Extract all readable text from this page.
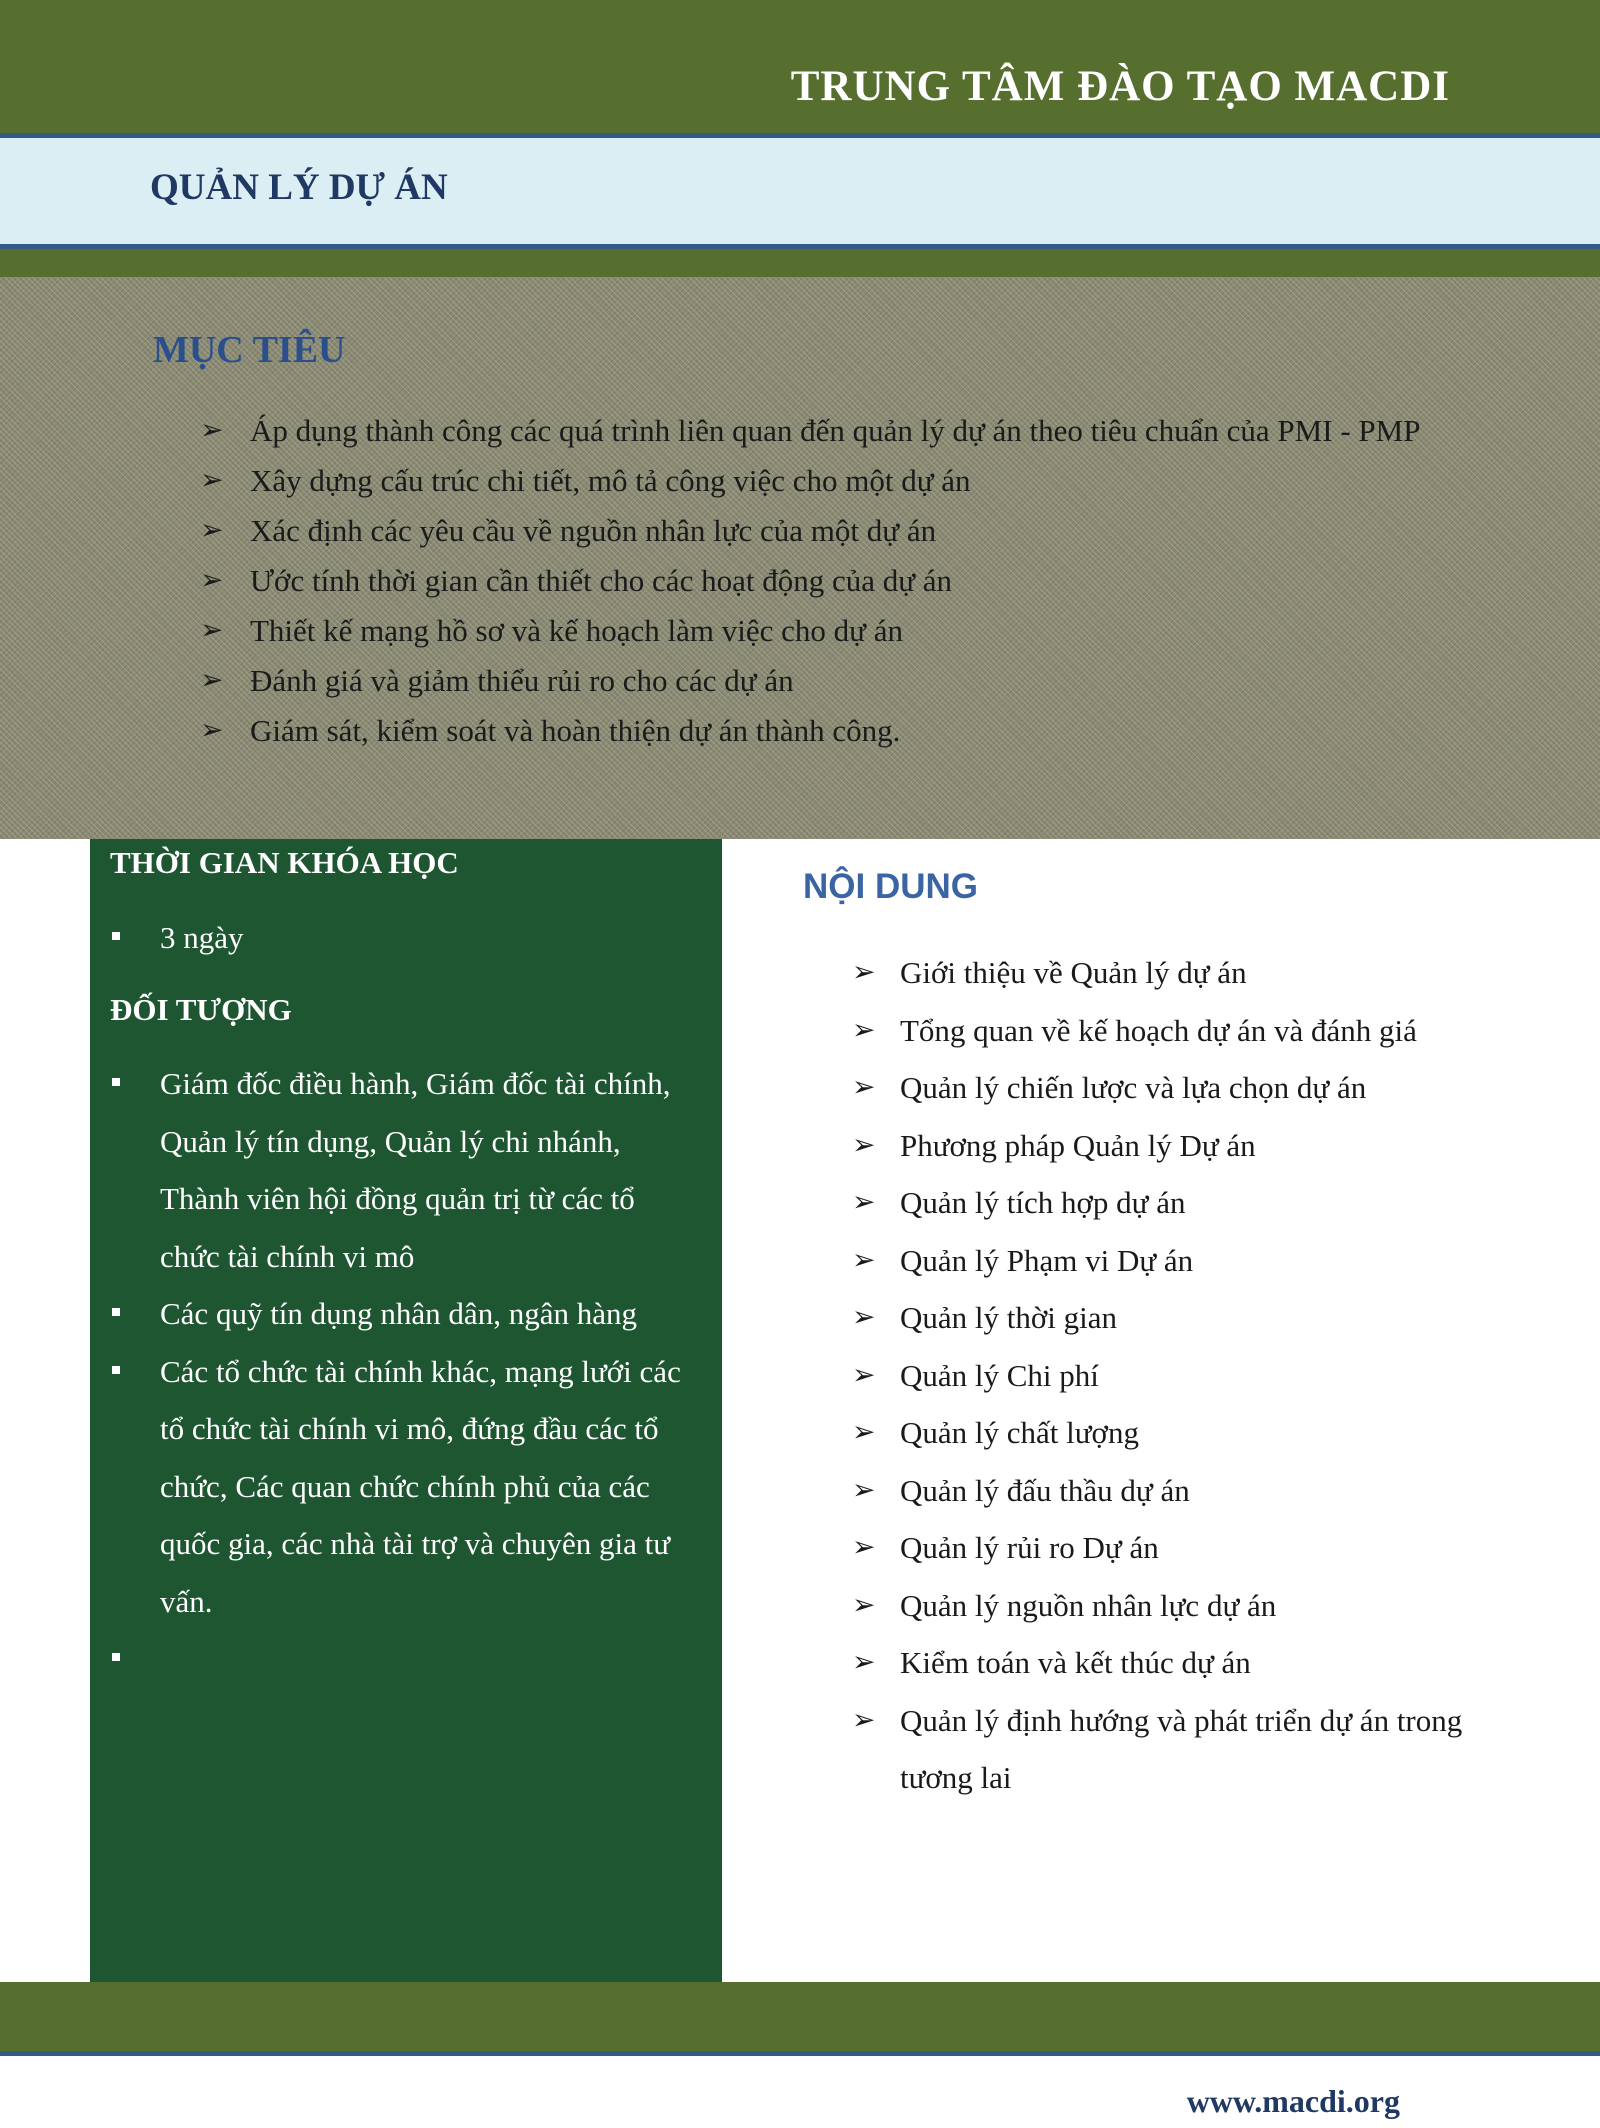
TRUNG TÂM ĐÀO TẠO MACDI
QUẢN LÝ DỰ ÁN
MỤC TIÊU
➢ Áp dụng thành công các quá trình liên quan đến quản lý dự án theo tiêu chuẩn của PMI - PMP
➢ Xây dựng cấu trúc chi tiết, mô tả công việc cho một dự án
➢ Xác định các yêu cầu về nguồn nhân lực của một dự án
➢ Ước tính thời gian cần thiết cho các hoạt động của dự án
➢ Thiết kế mạng hồ sơ và kế hoạch làm việc cho dự án
➢ Đánh giá và giảm thiểu rủi ro cho các dự án
➢ Giám sát, kiểm soát và hoàn thiện dự án thành công.
THỜI GIAN KHÓA HỌC
3 ngày
ĐỐI TƯỢNG
Giám đốc điều hành, Giám đốc tài chính, Quản lý tín dụng, Quản lý chi nhánh, Thành viên hội đồng quản trị từ các tổ chức tài chính vi mô
Các quỹ tín dụng nhân dân, ngân hàng
Các tổ chức tài chính khác, mạng lưới các tổ chức tài chính vi mô, đứng đầu các tổ chức, Các quan chức chính phủ của các quốc gia, các nhà tài trợ và chuyên gia tư vấn.
NỘI DUNG
➢ Giới thiệu về Quản lý dự án
➢ Tổng quan về kế hoạch dự án và đánh giá
➢ Quản lý chiến lược và lựa chọn dự án
➢ Phương pháp Quản lý Dự án
➢ Quản lý tích hợp dự án
➢ Quản lý Phạm vi Dự án
➢ Quản lý thời gian
➢ Quản lý Chi phí
➢ Quản lý chất lượng
➢ Quản lý đấu thầu dự án
➢ Quản lý rủi ro Dự án
➢ Quản lý nguồn nhân lực dự án
➢ Kiểm toán và kết thúc dự án
➢ Quản lý định hướng và phát triển dự án trong tương lai
www.macdi.org
